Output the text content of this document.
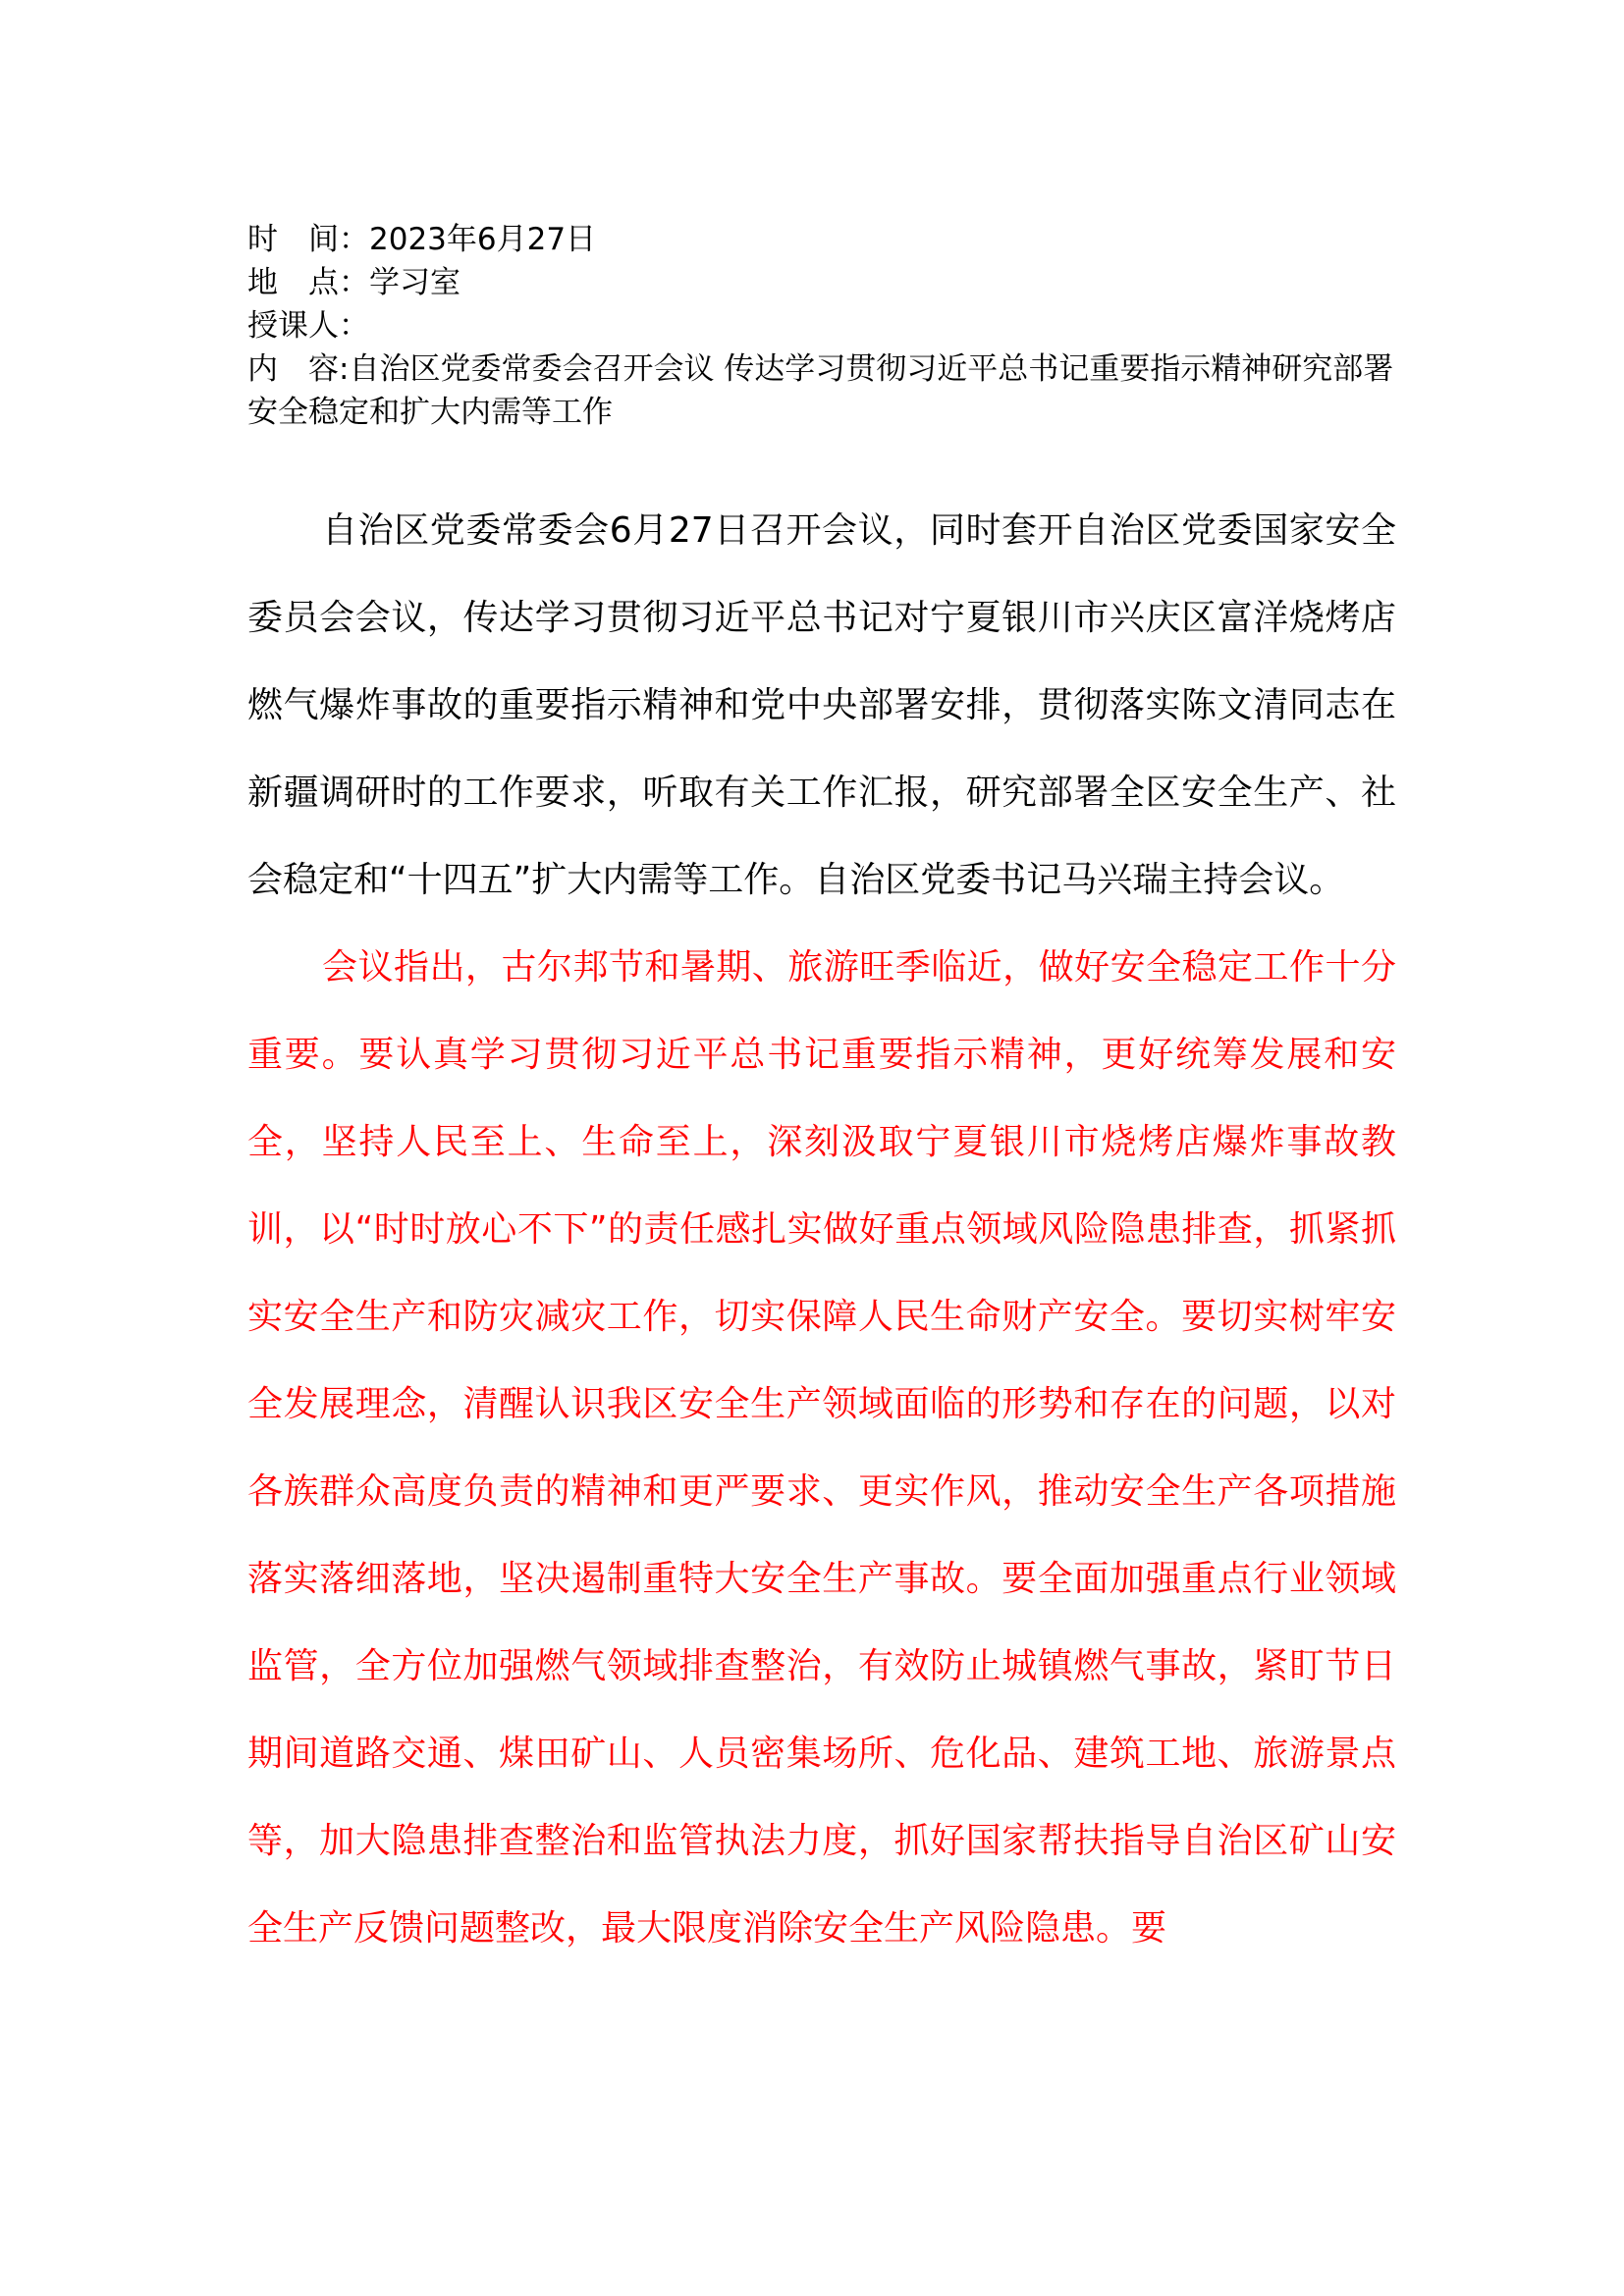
时　间：2023年6月27日
地　点：学习室
授课人：
内　容:自治区党委常委会召开会议 传达学习贯彻习近平总书记重要指示精神研究部署安全稳定和扩大内需等工作

自治区党委常委会6月27日召开会议，同时套开自治区党委国家安全委员会会议，传达学习贯彻习近平总书记对宁夏银川市兴庆区富洋烧烤店燃气爆炸事故的重要指示精神和党中央部署安排，贯彻落实陈文清同志在新疆调研时的工作要求，听取有关工作汇报，研究部署全区安全生产、社会稳定和“十四五”扩大内需等工作。自治区党委书记马兴瑞主持会议。

会议指出，古尔邦节和暑期、旅游旺季临近，做好安全稳定工作十分重要。要认真学习贯彻习近平总书记重要指示精神，更好统筹发展和安全，坚持人民至上、生命至上，深刻汲取宁夏银川市烧烤店爆炸事故教训，以“时时放心不下”的责任感扎实做好重点领域风险隐患排查，抓紧抓实安全生产和防灾减灾工作，切实保障人民生命财产安全。要切实树牢安全发展理念，清醒认识我区安全生产领域面临的形势和存在的问题，以对各族群众高度负责的精神和更严要求、更实作风，推动安全生产各项措施落实落细落地，坚决遏制重特大安全生产事故。要全面加强重点行业领域监管，全方位加强燃气领域排查整治，有效防止城镇燃气事故，紧盯节日期间道路交通、煤田矿山、人员密集场所、危化品、建筑工地、旅游景点等，加大隐患排查整治和监管执法力度，抓好国家帮扶指导自治区矿山安全生产反馈问题整改，最大限度消除安全生产风险隐患。要
